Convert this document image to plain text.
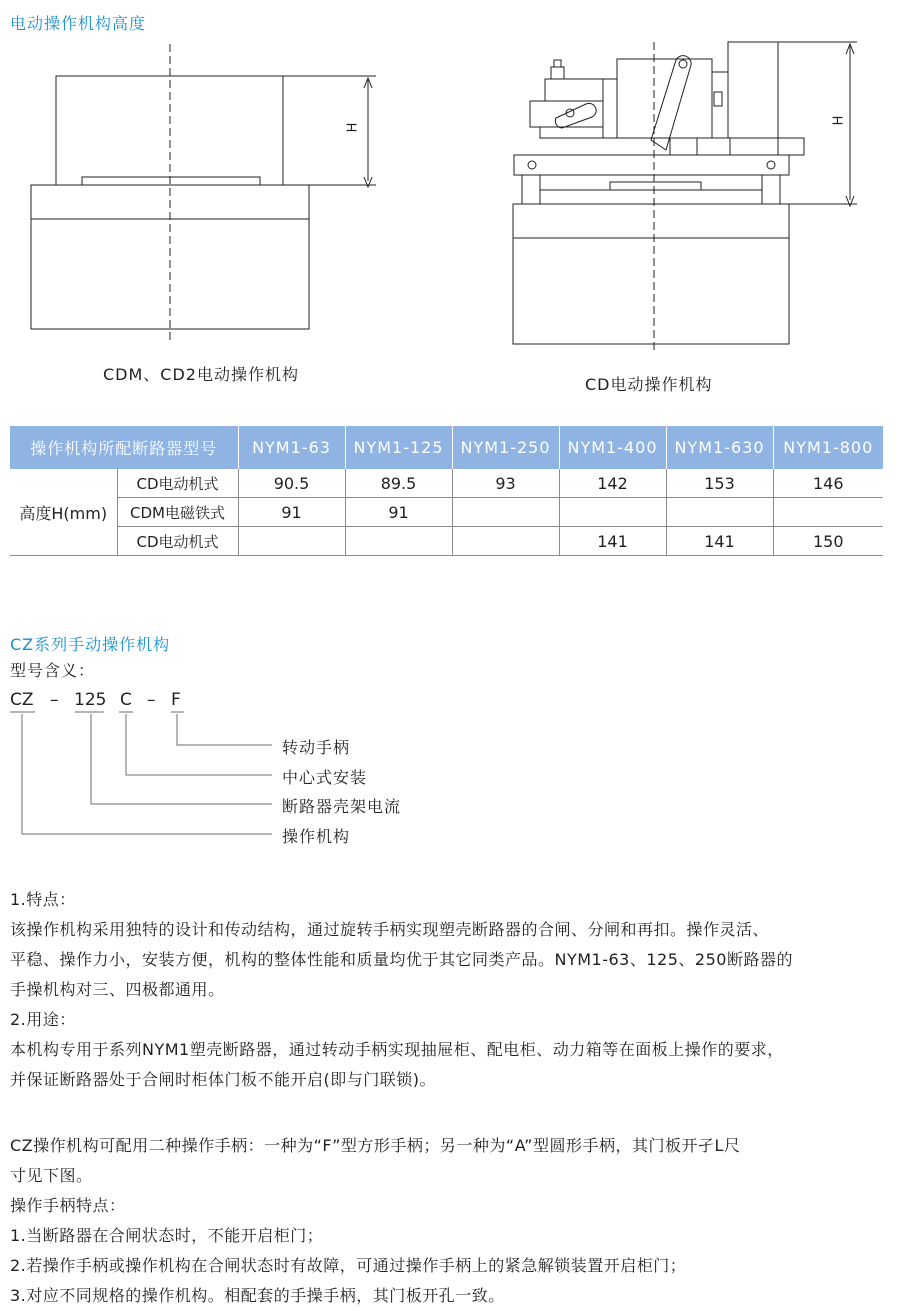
电动操作机构高度
H
H
CDM、CD2电动操作机构
CD电动操作机构
操作机构所配断路器型号		NYM1-63	NYM1-125	NYM1-250	NYM1-400	NYM1-630	NYM1-800
高度H(mm)	CD电动机式	90.5	89.5	93	142	153	146
	CDM电磁铁式	91	91				
	CD电动机式				141	141	150
CZ系列手动操作机构
型号含义：
CZ – 125 C – F
转动手柄
中心式安装
断路器壳架电流
操作机构
1.特点：
该操作机构采用独特的设计和传动结构，通过旋转手柄实现塑壳断路器的合闸、分闸和再扣。操作灵活、
平稳、操作力小，安装方便，机构的整体性能和质量均优于其它同类产品。NYM1-63、125、250断路器的
手操机构对三、四极都通用。
2.用途：
本机构专用于系列NYM1塑壳断路器，通过转动手柄实现抽屉柜、配电柜、动力箱等在面板上操作的要求，
并保证断路器处于合闸时柜体门板不能开启(即与门联锁)。
CZ操作机构可配用二种操作手柄：一种为“F”型方形手柄；另一种为“A”型圆形手柄，其门板开孑L尺
寸见下图。
操作手柄特点：
1.当断路器在合闸状态时，不能开启柜门；
2.若操作手柄或操作机构在合闸状态时有故障，可通过操作手柄上的紧急解锁装置开启柜门；
3.对应不同规格的操作机构。相配套的手操手柄，其门板开孔一致。
